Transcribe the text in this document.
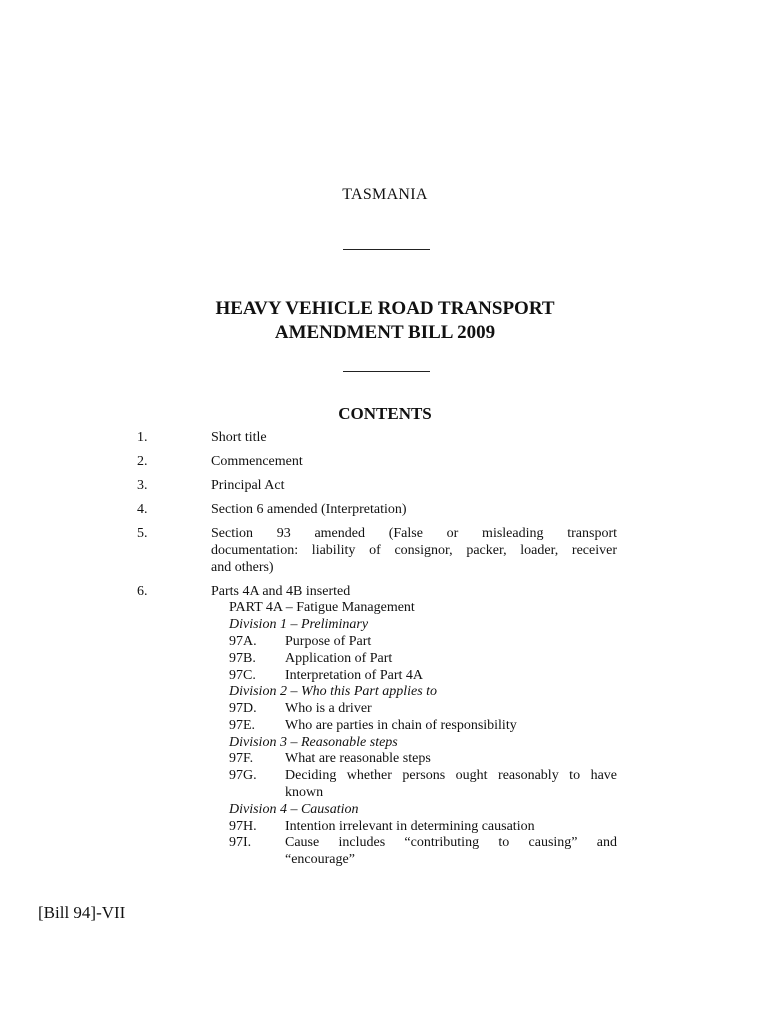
TASMANIA
HEAVY VEHICLE ROAD TRANSPORT
AMENDMENT BILL 2009
CONTENTS
1.	Short title
2.	Commencement
3.	Principal Act
4.	Section 6 amended (Interpretation)
5.	Section 93 amended (False or misleading transport
documentation: liability of consignor, packer, loader, receiver
and others)
6.	Parts 4A and 4B inserted
PART 4A – Fatigue Management
Division 1 – Preliminary
97A. Purpose of Part
97B. Application of Part
97C. Interpretation of Part 4A
Division 2 – Who this Part applies to
97D. Who is a driver
97E. Who are parties in chain of responsibility
Division 3 – Reasonable steps
97F. What are reasonable steps
97G. Deciding whether persons ought reasonably to have
known
Division 4 – Causation
97H. Intention irrelevant in determining causation
97I. Cause includes “contributing to causing” and
“encourage”
[Bill 94]-VII
